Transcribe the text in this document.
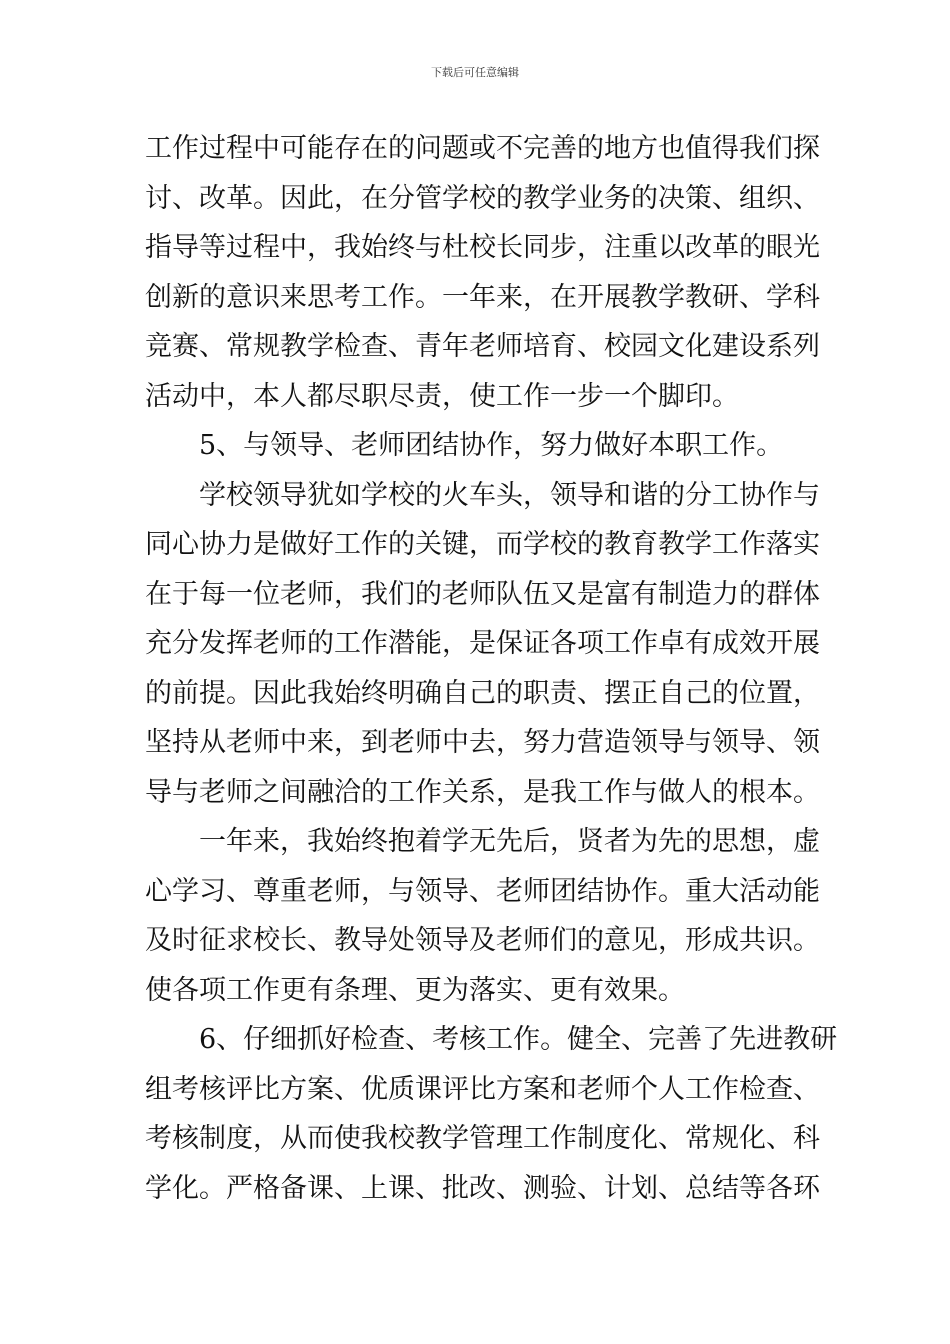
下载后可任意编辑
工作过程中可能存在的问题或不完善的地方也值得我们探
讨、改革。因此，在分管学校的教学业务的决策、组织、
指导等过程中，我始终与杜校长同步，注重以改革的眼光
创新的意识来思考工作。一年来，在开展教学教研、学科
竞赛、常规教学检查、青年老师培育、校园文化建设系列
活动中，本人都尽职尽责，使工作一步一个脚印。
　　5、与领导、老师团结协作，努力做好本职工作。
　　学校领导犹如学校的火车头，领导和谐的分工协作与
同心协力是做好工作的关键，而学校的教育教学工作落实
在于每一位老师，我们的老师队伍又是富有制造力的群体
充分发挥老师的工作潜能，是保证各项工作卓有成效开展
的前提。因此我始终明确自己的职责、摆正自己的位置，
坚持从老师中来，到老师中去，努力营造领导与领导、领
导与老师之间融洽的工作关系，是我工作与做人的根本。
　　一年来，我始终抱着学无先后，贤者为先的思想，虚
心学习、尊重老师，与领导、老师团结协作。重大活动能
及时征求校长、教导处领导及老师们的意见，形成共识。
使各项工作更有条理、更为落实、更有效果。
　　6、仔细抓好检查、考核工作。健全、完善了先进教研
组考核评比方案、优质课评比方案和老师个人工作检查、
考核制度，从而使我校教学管理工作制度化、常规化、科
学化。严格备课、上课、批改、测验、计划、总结等各环
